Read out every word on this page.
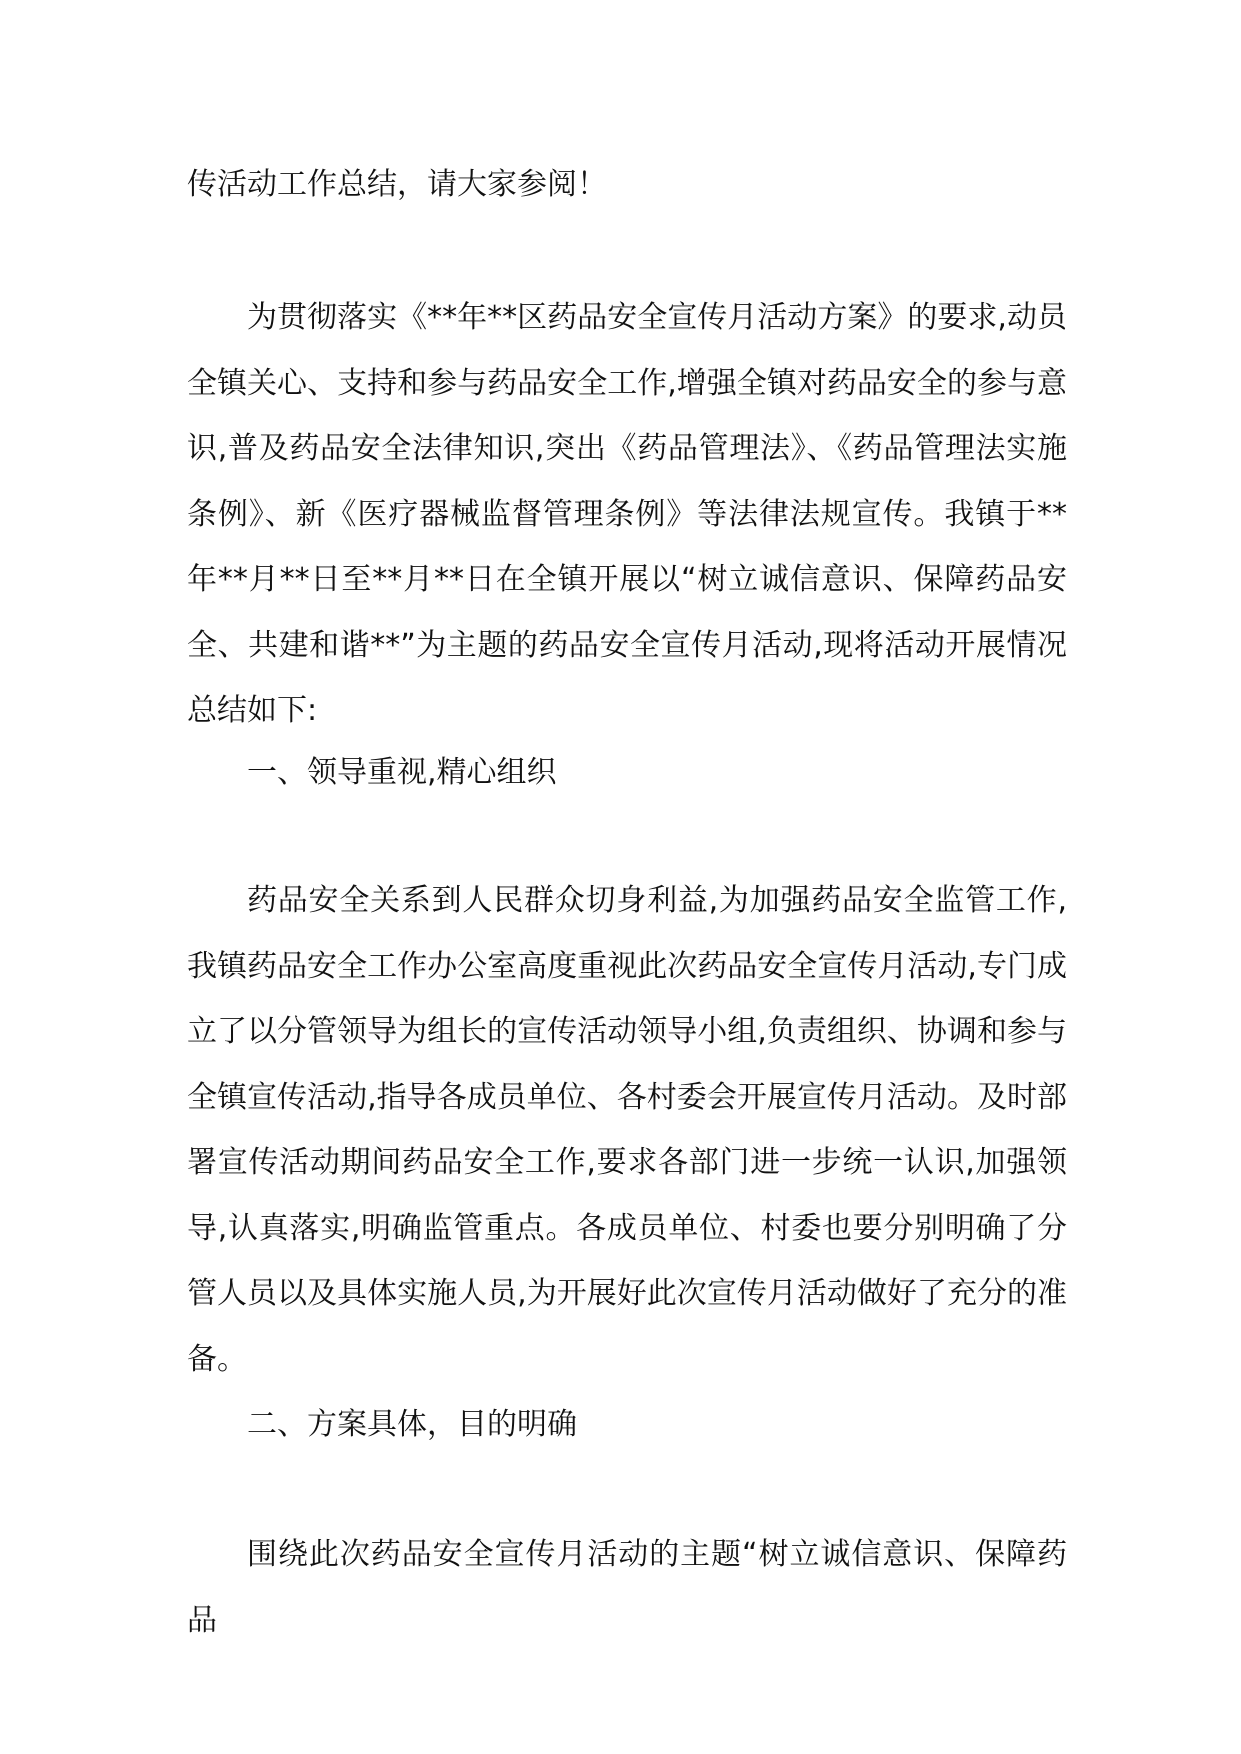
传活动工作总结，请大家参阅！

为贯彻落实《**年**区药品安全宣传月活动方案》的要求,动员全镇关心、支持和参与药品安全工作,增强全镇对药品安全的参与意识,普及药品安全法律知识,突出《药品管理法》、《药品管理法实施条例》、新《医疗器械监督管理条例》等法律法规宣传。我镇于**年**月**日至**月**日在全镇开展以“树立诚信意识、保障药品安全、共建和谐**”为主题的药品安全宣传月活动,现将活动开展情况总结如下:

一、领导重视,精心组织

药品安全关系到人民群众切身利益,为加强药品安全监管工作,我镇药品安全工作办公室高度重视此次药品安全宣传月活动,专门成立了以分管领导为组长的宣传活动领导小组,负责组织、协调和参与全镇宣传活动,指导各成员单位、各村委会开展宣传月活动。及时部署宣传活动期间药品安全工作,要求各部门进一步统一认识,加强领导,认真落实,明确监管重点。各成员单位、村委也要分别明确了分管人员以及具体实施人员,为开展好此次宣传月活动做好了充分的准备。

二、方案具体，目的明确

围绕此次药品安全宣传月活动的主题“树立诚信意识、保障药品
